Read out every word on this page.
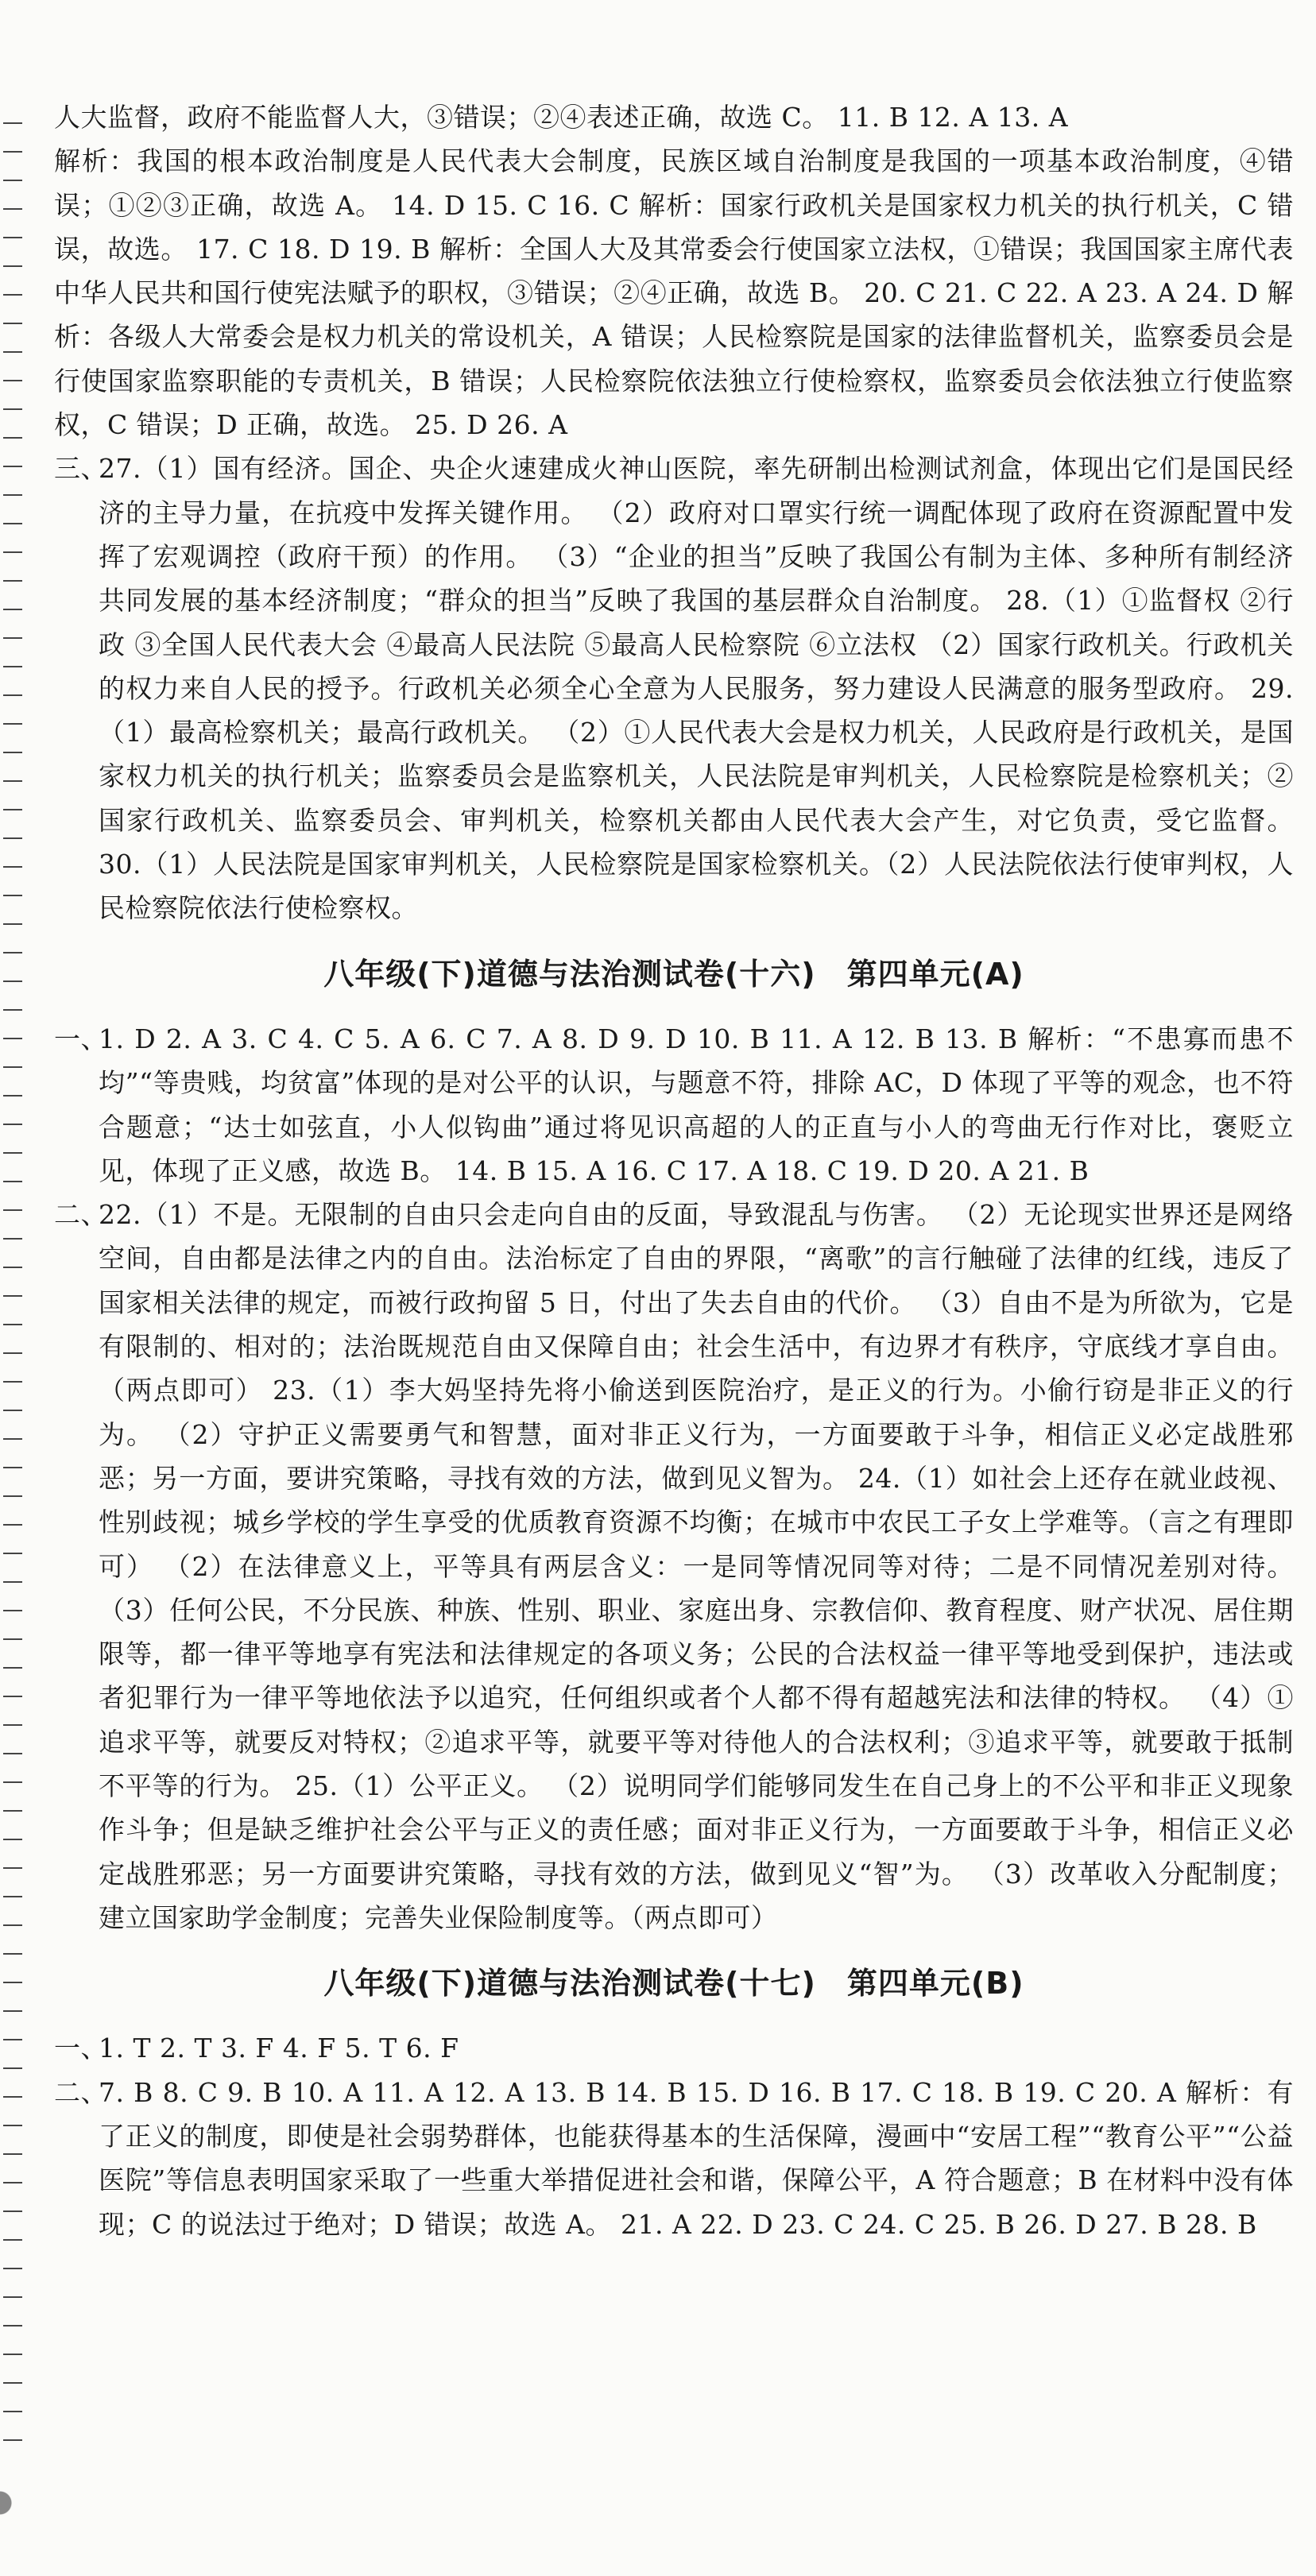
人大监督，政府不能监督人大，③错误；②④表述正确，故选 C。 11. B 12. A 13. A

解析：我国的根本政治制度是人民代表大会制度，民族区域自治制度是我国的一项基本政治制度，④错误；①②③正确，故选 A。 14. D 15. C 16. C 解析：国家行政机关是国家权力机关的执行机关，C 错误，故选。 17. C 18. D 19. B 解析：全国人大及其常委会行使国家立法权，①错误；我国国家主席代表中华人民共和国行使宪法赋予的职权，③错误；②④正确，故选 B。 20. C 21. C 22. A 23. A 24. D 解析：各级人大常委会是权力机关的常设机关，A 错误；人民检察院是国家的法律监督机关，监察委员会是行使国家监察职能的专责机关，B 错误；人民检察院依法独立行使检察权，监察委员会依法独立行使监察权，C 错误；D 正确，故选。 25. D 26. A

三、

27.（1）国有经济。国企、央企火速建成火神山医院，率先研制出检测试剂盒，体现出它们是国民经济的主导力量，在抗疫中发挥关键作用。 （2）政府对口罩实行统一调配体现了政府在资源配置中发挥了宏观调控（政府干预）的作用。 （3）“企业的担当”反映了我国公有制为主体、多种所有制经济共同发展的基本经济制度；“群众的担当”反映了我国的基层群众自治制度。 28.（1）①监督权 ②行政 ③全国人民代表大会 ④最高人民法院 ⑤最高人民检察院 ⑥立法权 （2）国家行政机关。行政机关的权力来自人民的授予。行政机关必须全心全意为人民服务，努力建设人民满意的服务型政府。 29.（1）最高检察机关；最高行政机关。 （2）①人民代表大会是权力机关，人民政府是行政机关，是国家权力机关的执行机关；监察委员会是监察机关，人民法院是审判机关，人民检察院是检察机关；②国家行政机关、监察委员会、审判机关，检察机关都由人民代表大会产生，对它负责，受它监督。 30.（1）人民法院是国家审判机关，人民检察院是国家检察机关。（2）人民法院依法行使审判权，人民检察院依法行使检察权。

八年级(下)道德与法治测试卷(十六)　第四单元(A)
一、

1. D 2. A 3. C 4. C 5. A 6. C 7. A 8. D 9. D 10. B 11. A 12. B 13. B 解析：“不患寡而患不均”“等贵贱，均贫富”体现的是对公平的认识，与题意不符，排除 AC，D 体现了平等的观念，也不符合题意；“达士如弦直，小人似钩曲”通过将见识高超的人的正直与小人的弯曲无行作对比，褒贬立见，体现了正义感，故选 B。 14. B 15. A 16. C 17. A 18. C 19. D 20. A 21. B

二、

22.（1）不是。无限制的自由只会走向自由的反面，导致混乱与伤害。 （2）无论现实世界还是网络空间，自由都是法律之内的自由。法治标定了自由的界限，“离歌”的言行触碰了法律的红线，违反了国家相关法律的规定，而被行政拘留 5 日，付出了失去自由的代价。 （3）自由不是为所欲为，它是有限制的、相对的；法治既规范自由又保障自由；社会生活中，有边界才有秩序，守底线才享自由。（两点即可） 23.（1）李大妈坚持先将小偷送到医院治疗，是正义的行为。小偷行窃是非正义的行为。 （2）守护正义需要勇气和智慧，面对非正义行为，一方面要敢于斗争，相信正义必定战胜邪恶；另一方面，要讲究策略，寻找有效的方法，做到见义智为。 24.（1）如社会上还存在就业歧视、性别歧视；城乡学校的学生享受的优质教育资源不均衡；在城市中农民工子女上学难等。（言之有理即可） （2）在法律意义上，平等具有两层含义：一是同等情况同等对待；二是不同情况差别对待。 （3）任何公民，不分民族、种族、性别、职业、家庭出身、宗教信仰、教育程度、财产状况、居住期限等，都一律平等地享有宪法和法律规定的各项义务；公民的合法权益一律平等地受到保护，违法或者犯罪行为一律平等地依法予以追究，任何组织或者个人都不得有超越宪法和法律的特权。 （4）①追求平等，就要反对特权；②追求平等，就要平等对待他人的合法权利；③追求平等，就要敢于抵制不平等的行为。 25.（1）公平正义。 （2）说明同学们能够同发生在自己身上的不公平和非正义现象作斗争；但是缺乏维护社会公平与正义的责任感；面对非正义行为，一方面要敢于斗争，相信正义必定战胜邪恶；另一方面要讲究策略，寻找有效的方法，做到见义“智”为。 （3）改革收入分配制度；建立国家助学金制度；完善失业保险制度等。（两点即可）

八年级(下)道德与法治测试卷(十七)　第四单元(B)
一、

1. T 2. T 3. F 4. F 5. T 6. F

二、

7. B 8. C 9. B 10. A 11. A 12. A 13. B 14. B 15. D 16. B 17. C 18. B 19. C 20. A 解析：有了正义的制度，即使是社会弱势群体，也能获得基本的生活保障，漫画中“安居工程”“教育公平”“公益医院”等信息表明国家采取了一些重大举措促进社会和谐，保障公平，A 符合题意；B 在材料中没有体现；C 的说法过于绝对；D 错误；故选 A。 21. A 22. D 23. C 24. C 25. B 26. D 27. B 28. B
